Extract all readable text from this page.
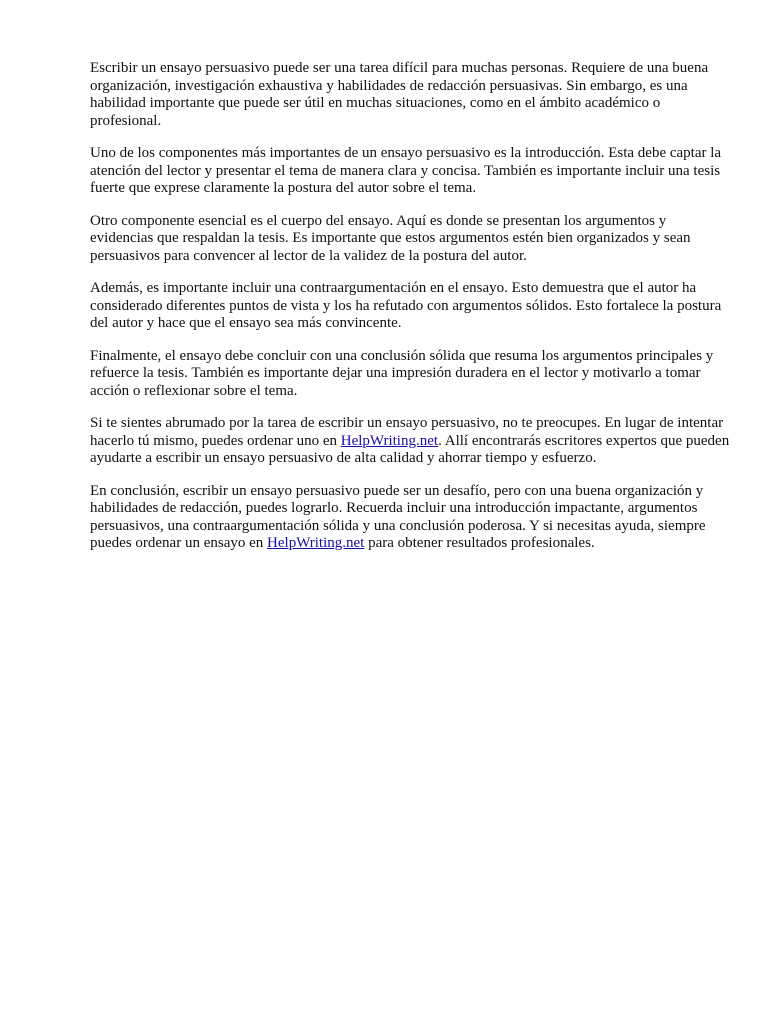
Escribir un ensayo persuasivo puede ser una tarea difícil para muchas personas. Requiere de una buena organización, investigación exhaustiva y habilidades de redacción persuasivas. Sin embargo, es una habilidad importante que puede ser útil en muchas situaciones, como en el ámbito académico o profesional.

Uno de los componentes más importantes de un ensayo persuasivo es la introducción. Esta debe captar la atención del lector y presentar el tema de manera clara y concisa. También es importante incluir una tesis fuerte que exprese claramente la postura del autor sobre el tema.

Otro componente esencial es el cuerpo del ensayo. Aquí es donde se presentan los argumentos y evidencias que respaldan la tesis. Es importante que estos argumentos estén bien organizados y sean persuasivos para convencer al lector de la validez de la postura del autor.

Además, es importante incluir una contraargumentación en el ensayo. Esto demuestra que el autor ha considerado diferentes puntos de vista y los ha refutado con argumentos sólidos. Esto fortalece la postura del autor y hace que el ensayo sea más convincente.

Finalmente, el ensayo debe concluir con una conclusión sólida que resuma los argumentos principales y refuerce la tesis. También es importante dejar una impresión duradera en el lector y motivarlo a tomar acción o reflexionar sobre el tema.

Si te sientes abrumado por la tarea de escribir un ensayo persuasivo, no te preocupes. En lugar de intentar hacerlo tú mismo, puedes ordenar uno en HelpWriting.net. Allí encontrarás escritores expertos que pueden ayudarte a escribir un ensayo persuasivo de alta calidad y ahorrar tiempo y esfuerzo.

En conclusión, escribir un ensayo persuasivo puede ser un desafío, pero con una buena organización y habilidades de redacción, puedes lograrlo. Recuerda incluir una introducción impactante, argumentos persuasivos, una contraargumentación sólida y una conclusión poderosa. Y si necesitas ayuda, siempre puedes ordenar un ensayo en HelpWriting.net para obtener resultados profesionales.
